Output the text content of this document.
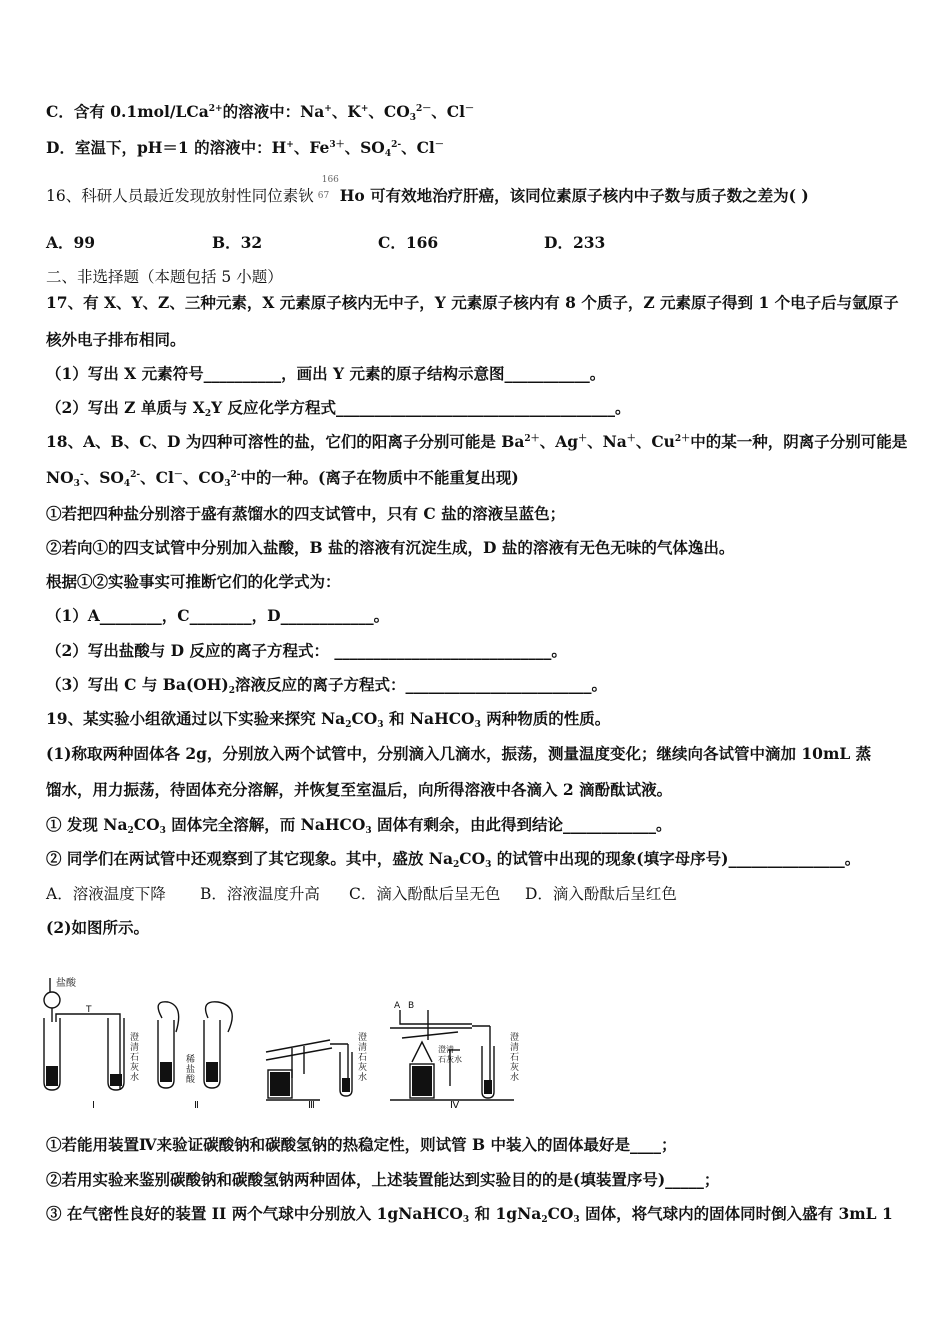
C．含有 0.1mol/LCa$^{2+}$的溶液中：Na+、K+、$CO_3^{2-}$、Cl－
D．室温下，pH＝1 的溶液中：H+、$Fe^{3+}$、$SO_4^{2-}$、Cl－
16、科研人员最近发现放射性同位素钬
166
67 Ho 可有效地治疗肝癌，该同位素原子核内中子数与质子数之差为( )
A．99	B．32	C．166	D．233
二、非选择题（本题包括 5 小题）
17、有 X、Y、Z、三种元素，X 元素原子核内无中子，Y 元素原子核内有 8 个质子，Z 元素原子得到 1 个电子后与氩原子
核外电子排布相同。
（1）写出 X 元素符号__________，画出 Y 元素的原子结构示意图___________。
（2）写出 Z 单质与 $X_2Y$ 反应化学方程式____________________________________。
18、A、B、C、D 为四种可溶性的盐，它们的阳离子分别可能是 $Ba^{2+}$、Ag＋、Na＋、$Cu^{2+}$中的某一种，阴离子分别可能是
$NO_3^-$、$SO_4^{2-}$、Cl－、$CO_3^{2-}$中的一种。(离子在物质中不能重复出现)
①若把四种盐分别溶于盛有蒸馏水的四支试管中，只有 C 盐的溶液呈蓝色；
②若向①的四支试管中分别加入盐酸，B 盐的溶液有沉淀生成，D 盐的溶液有无色无味的气体逸出。
根据①②实验事实可推断它们的化学式为：
（1）A________，C________，D____________。
（2）写出盐酸与 D 反应的离子方程式： ____________________________。
（3）写出 C 与 $Ba(OH)_2$溶液反应的离子方程式：________________________。
19、某实验小组欲通过以下实验来探究 $Na_2CO_3$ 和 NaHCO$_3$ 两种物质的性质。
(1)称取两种固体各 2g，分别放入两个试管中，分别滴入几滴水，振荡，测量温度变化；继续向各试管中滴加 10mL 蒸
馏水，用力振荡，待固体充分溶解，并恢复至室温后，向所得溶液中各滴入 2 滴酚酞试液。
① 发现 $Na_2CO_3$ 固体完全溶解，而 NaHCO$_3$ 固体有剩余，由此得到结论____________。
② 同学们在两试管中还观察到了其它现象。其中，盛放 $Na_2CO_3$ 的试管中出现的现象(填字母序号)_______________。
A．溶液温度下降 B．溶液温度升高 C．滴入酚酞后呈无色 D．滴入酚酞后呈红色
(2)如图所示。
盐酸
T
澄
清
石
灰
水
稀
盐
酸
澄
清
石
灰
水
澄
清
石
灰
水
A B
澄清
石灰水
Ⅰ	Ⅱ	Ⅲ	Ⅳ
①若能用装置Ⅳ来验证碳酸钠和碳酸氢钠的热稳定性，则试管 B 中装入的固体最好是____；
②若用实验来鉴别碳酸钠和碳酸氢钠两种固体，上述装置能达到实验目的的是(填装置序号)_____；
③ 在气密性良好的装置 II 两个气球中分别放入 1gNaHCO$_3$ 和 $1gNa_2CO_3$ 固体，将气球内的固体同时倒入盛有 3mL 1
